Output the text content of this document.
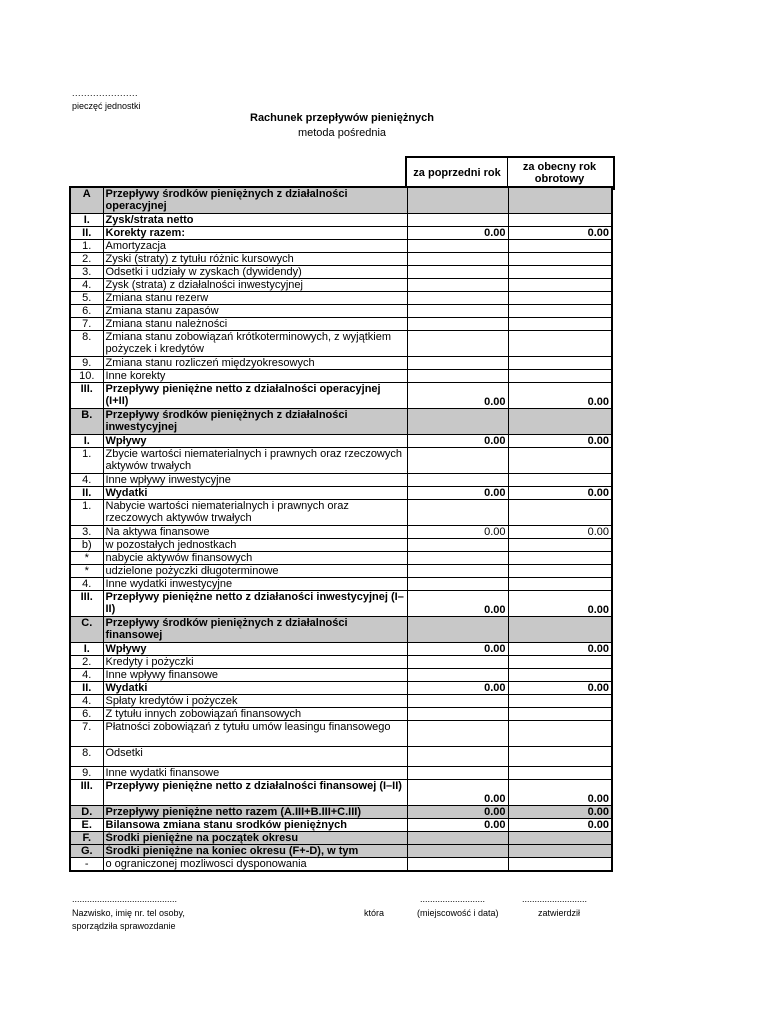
......................
pieczęć jednostki
Rachunek przepływów pieniężnych
metoda pośrednia
za poprzedni rok	za obecny rok obrotowy
A	Przepływy środków pieniężnych z działalności operacyjnej		
I.	Zysk/strata netto		
II.	Korekty razem:	0.00	0.00
1.	Amortyzacja		
2.	Zyski (straty) z tytułu różnic kursowych		
3.	Odsetki i udziały w zyskach (dywidendy)		
4.	Zysk (strata) z działalności inwestycyjnej		
5.	Zmiana stanu rezerw		
6.	Zmiana stanu zapasów		
7.	Zmiana stanu należności		
8.	Zmiana stanu zobowiązań krótkoterminowych, z wyjątkiem pożyczek i kredytów		
9.	Zmiana stanu rozliczeń międzyokresowych		
10.	Inne korekty		
III.	Przepływy pieniężne netto z działalności operacyjnej (I+II)	0.00	0.00
B.	Przepływy środków pieniężnych z działalności inwestycyjnej		
I.	Wpływy	0.00	0.00
1.	Zbycie wartości niematerialnych i prawnych oraz rzeczowych aktywów trwałych		
4.	Inne wpływy inwestycyjne		
II.	Wydatki	0.00	0.00
1.	Nabycie wartości niematerialnych i prawnych oraz rzeczowych aktywów trwałych		
3.	Na aktywa finansowe	0.00	0.00
b)	w pozostałych jednostkach		
*	nabycie aktywów finansowych		
*	udzielone pożyczki długoterminowe		
4.	Inne wydatki inwestycyjne		
III.	Przepływy pieniężne netto z działaności inwestycyjnej (I–II)	0.00	0.00
C.	Przepływy środków pieniężnych z działalności finansowej		
I.	Wpływy	0.00	0.00
2.	Kredyty i pożyczki		
4.	Inne wpływy finansowe		
II.	Wydatki	0.00	0.00
4.	Spłaty kredytów i pożyczek		
6.	Z tytułu innych zobowiązań finansowych		
7.	Płatności zobowiązań z tytułu umów leasingu finansowego		
8.	Odsetki		
9.	Inne wydatki finansowe		
III.	Przepływy pieniężne netto z działalności finansowej (I–II)	0.00	0.00
D.	Przepływy pieniężne netto razem (A.III+B.III+C.III)	0.00	0.00
E.	Bilansowa zmiana stanu srodków pieniężnych	0.00	0.00
F.	Środki pieniężne na początek okresu		
G.	Środki pieniężne na koniec okresu (F+-D), w tym		
-	o ograniczonej mozliwosci dysponowania		
..........................................	..........................	..........................
Nazwisko, imię nr. tel osoby,
sporządziła sprawozdanie
która	(miejscowość i data)	zatwierdził
